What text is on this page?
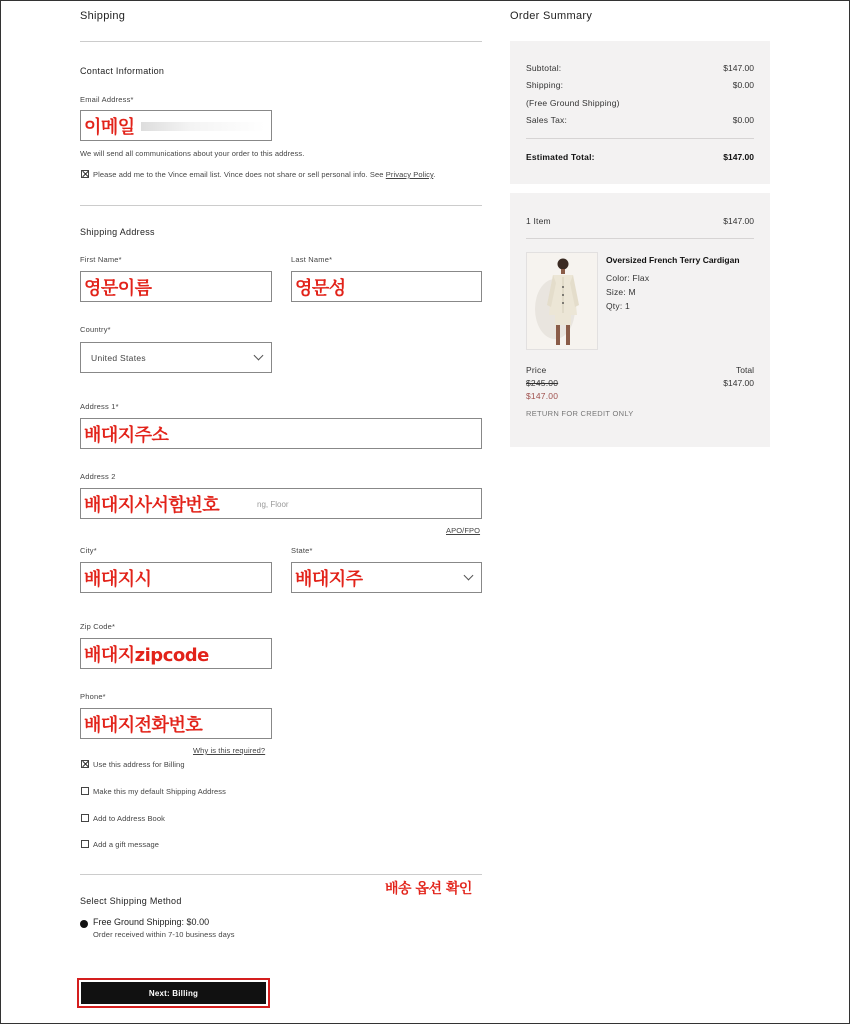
Shipping
Contact Information
Email Address*
이메일
We will send all communications about your order to this address.
Please add me to the Vince email list. Vince does not share or sell personal info. See Privacy Policy.
Shipping Address
First Name*
영문이름
Last Name*
영문성
Country*
United States
Address 1*
배대지주소
Address 2
ng, Floor
배대지사서함번호
APO/FPO
City*
배대지시
State*
배대지주
Zip Code*
배대지zipcode
Phone*
배대지전화번호
Why is this required?
Use this address for Billing
Make this my default Shipping Address
Add to Address Book
Add a gift message
배송 옵션 확인
Select Shipping Method
Free Ground Shipping: $0.00
Order received within 7-10 business days
Next: Billing
Order Summary
Subtotal:	$147.00
Shipping:	$0.00
(Free Ground Shipping)
Sales Tax:	$0.00
Estimated Total:	$147.00
1 Item	$147.00
Oversized French Terry Cardigan
Color: Flax
Size: M
Qty: 1
Price	Total
$245.00	$147.00
$147.00
RETURN FOR CREDIT ONLY
